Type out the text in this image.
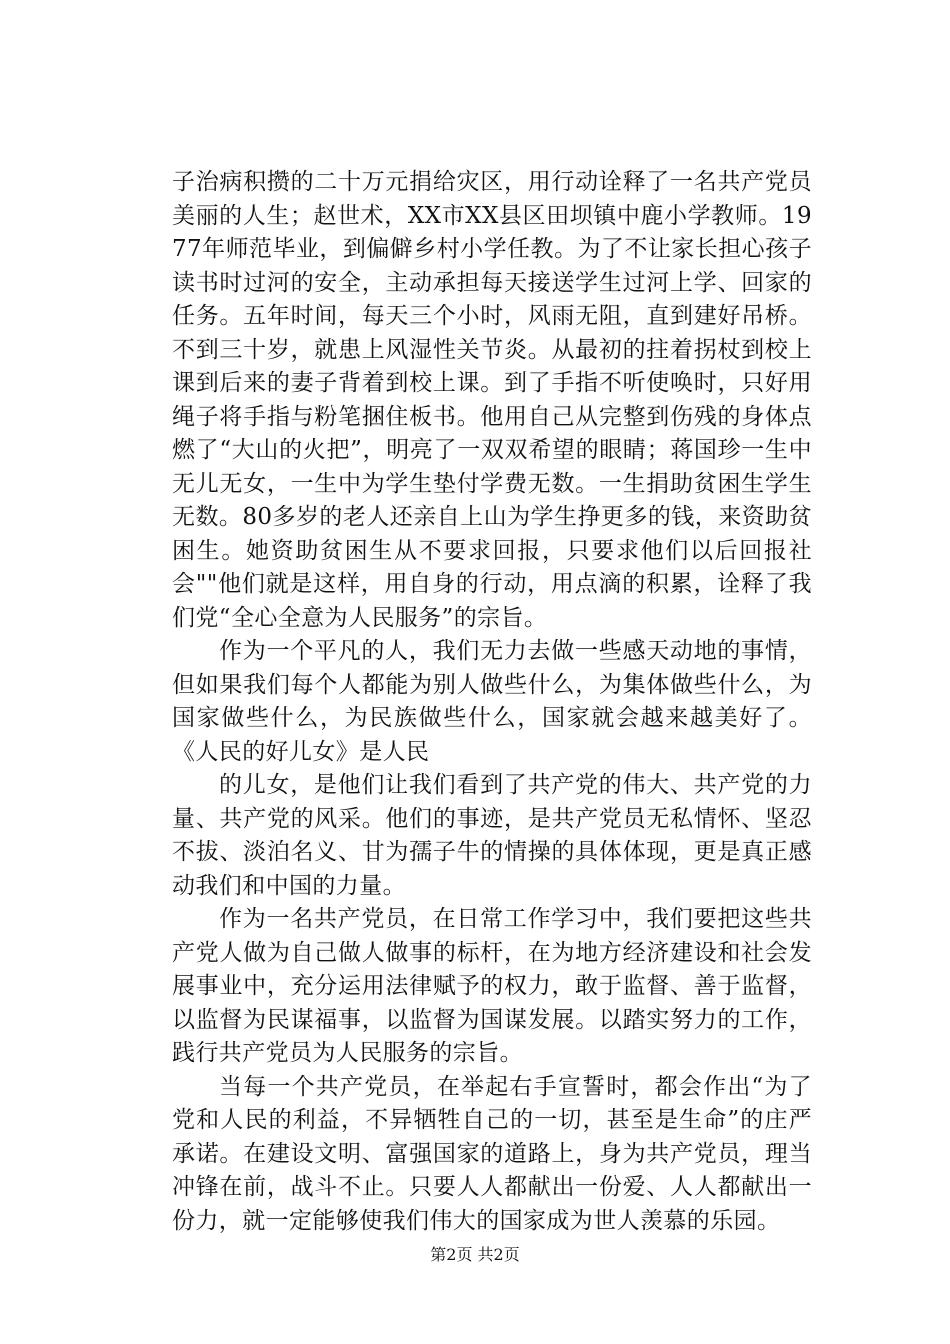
子治病积攒的二十万元捐给灾区，用行动诠释了一名共产党员美丽的人生；赵世术，XX市XX县区田坝镇中鹿小学教师。1977年师范毕业，到偏僻乡村小学任教。为了不让家长担心孩子读书时过河的安全，主动承担每天接送学生过河上学、回家的任务。五年时间，每天三个小时，风雨无阻，直到建好吊桥。不到三十岁，就患上风湿性关节炎。从最初的拄着拐杖到校上课到后来的妻子背着到校上课。到了手指不听使唤时，只好用绳子将手指与粉笔捆住板书。他用自己从完整到伤残的身体点燃了“大山的火把”，明亮了一双双希望的眼睛；蒋国珍一生中无儿无女，一生中为学生垫付学费无数。一生捐助贫困生学生无数。80多岁的老人还亲自上山为学生挣更多的钱，来资助贫困生。她资助贫困生从不要求回报，只要求他们以后回报社会""他们就是这样，用自身的行动，用点滴的积累，诠释了我们党“全心全意为人民服务”的宗旨。

作为一个平凡的人，我们无力去做一些感天动地的事情，但如果我们每个人都能为别人做些什么，为集体做些什么，为国家做些什么，为民族做些什么，国家就会越来越美好了。《人民的好儿女》是人民

的儿女，是他们让我们看到了共产党的伟大、共产党的力量、共产党的风采。他们的事迹，是共产党员无私情怀、坚忍不拔、淡泊名义、甘为孺子牛的情操的具体体现，更是真正感动我们和中国的力量。

作为一名共产党员，在日常工作学习中，我们要把这些共产党人做为自己做人做事的标杆，在为地方经济建设和社会发展事业中，充分运用法律赋予的权力，敢于监督、善于监督，以监督为民谋福事，以监督为国谋发展。以踏实努力的工作，践行共产党员为人民服务的宗旨。

当每一个共产党员，在举起右手宣誓时，都会作出“为了党和人民的利益，不异牺牲自己的一切，甚至是生命”的庄严承诺。在建设文明、富强国家的道路上，身为共产党员，理当冲锋在前，战斗不止。只要人人都献出一份爱、人人都献出一份力，就一定能够使我们伟大的国家成为世人羡慕的乐园。

第2页 共2页
